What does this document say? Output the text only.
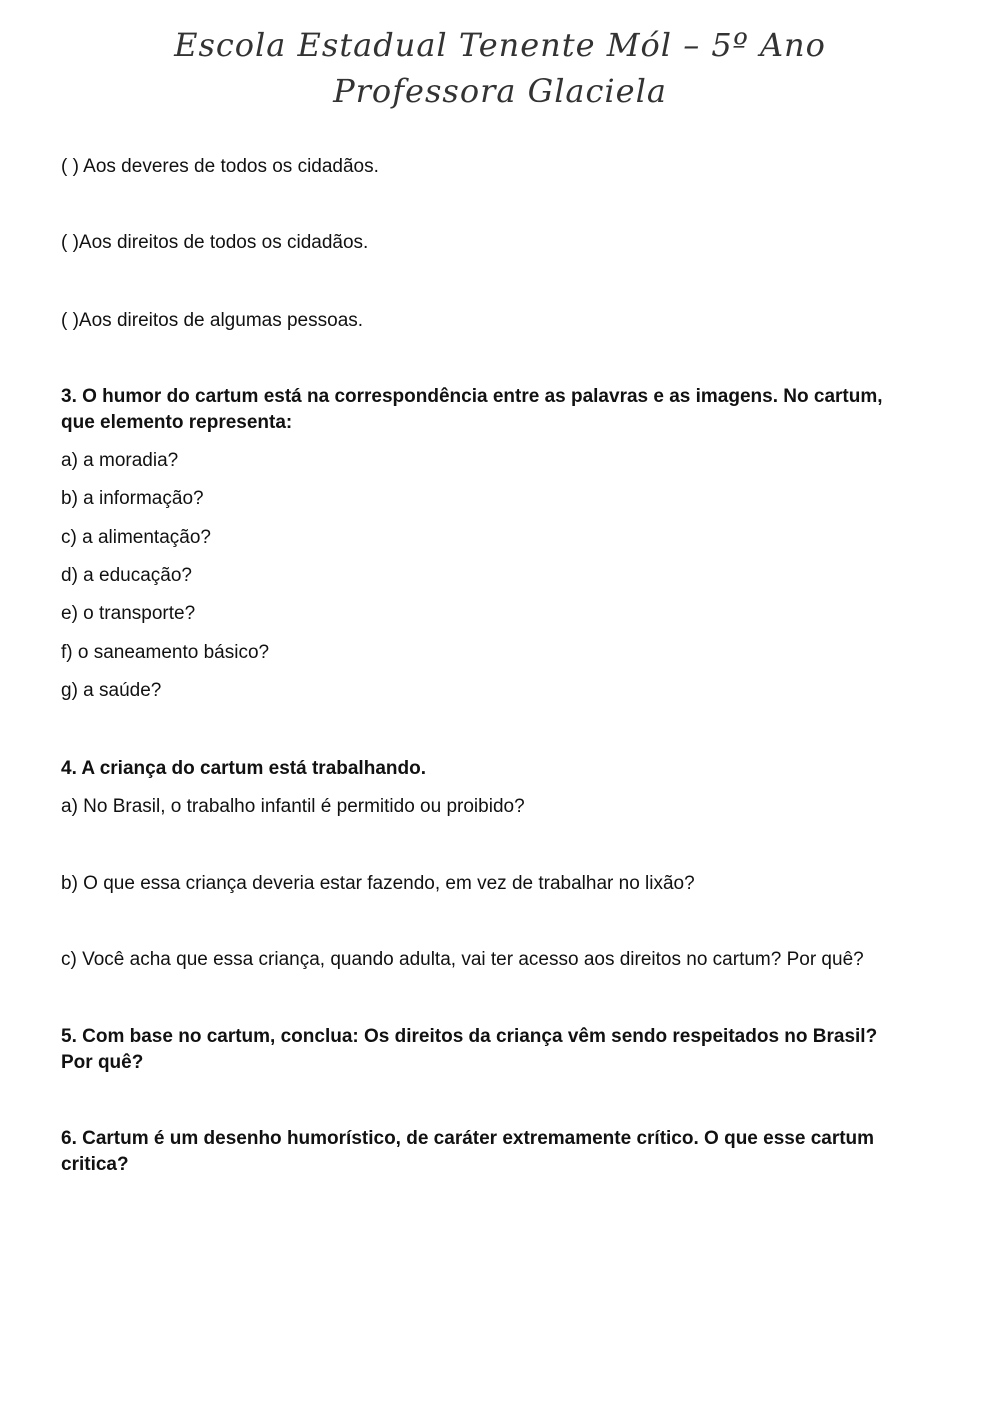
Escola Estadual Tenente Mól – 5º Ano
Professora Glaciela
( ) Aos deveres de todos os cidadãos.
( )Aos direitos de todos os cidadãos.
( )Aos direitos de algumas pessoas.
3. O humor do cartum está na correspondência entre as palavras e as imagens. No cartum,
que elemento representa:
a) a moradia?
b) a informação?
c) a alimentação?
d) a educação?
e) o transporte?
f) o saneamento básico?
g) a saúde?
4. A criança do cartum está trabalhando.
a) No Brasil, o trabalho infantil é permitido ou proibido?
b) O que essa criança deveria estar fazendo, em vez de trabalhar no lixão?
c) Você acha que essa criança, quando adulta, vai ter acesso aos direitos no cartum? Por quê?
5. Com base no cartum, conclua: Os direitos da criança vêm sendo respeitados no Brasil?
Por quê?
6. Cartum é um desenho humorístico, de caráter extremamente crítico. O que esse cartum
critica?
